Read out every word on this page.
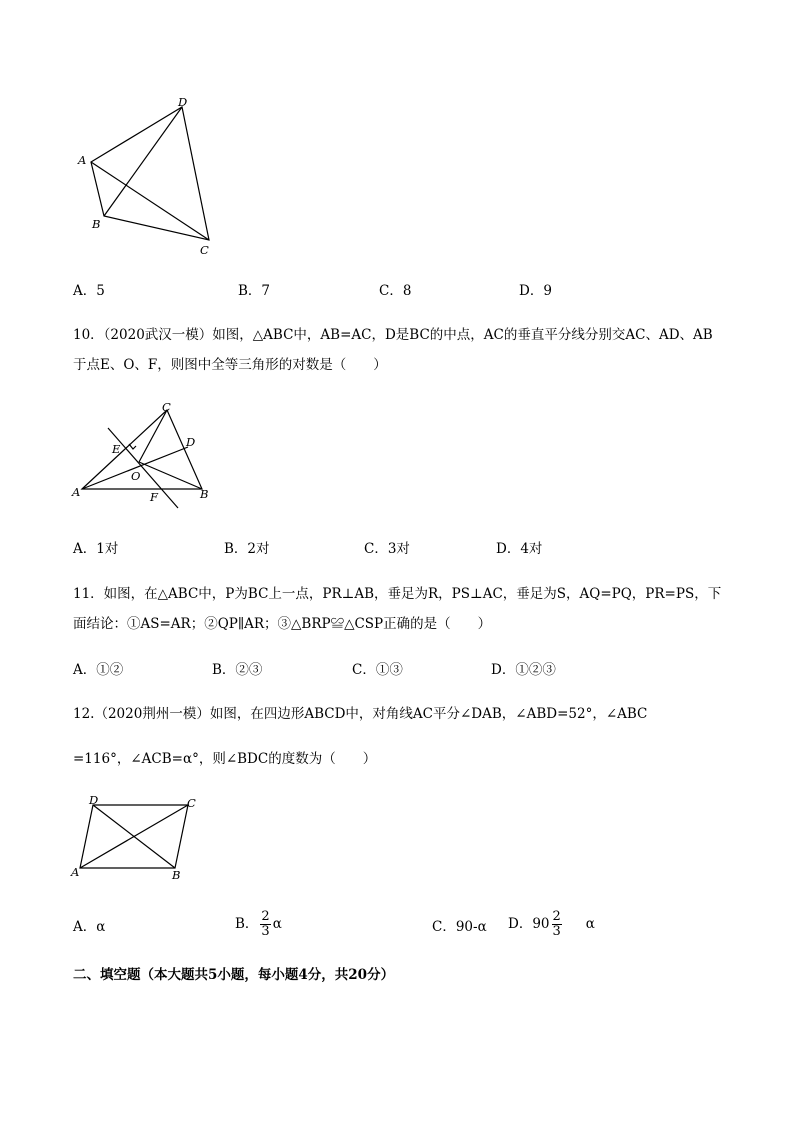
D
A
B
C
A．5	B．7	C．8	D．9
10．（2020武汉一模）如图，△ABC中，AB=AC，D是BC的中点，AC的垂直平分线分别交AC、AD、AB
于点E、O、F，则图中全等三角形的对数是（　　）
C
D
E
O
A	F	B
A．1对	B．2对	C．3对	D．4对
11．如图，在△ABC中，P为BC上一点，PR⊥AB，垂足为R，PS⊥AC，垂足为S，AQ=PQ，PR=PS，下
面结论：①AS=AR；②QP∥AR；③△BRP≌△CSP正确的是（　　）
A．①②	B．②③	C．①③	D．①②③
12.（2020荆州一模）如图，在四边形ABCD中，对角线AC平分∠DAB，∠ABD=52°，∠ABC
=116°，∠ACB=α°，则∠BDC的度数为（　　）
D	C
A	B
A．α	B． $\frac{2}{3}$ α	C．90-α D．$90 \frac{2}{3}$ α
二、填空题（本大题共5小题，每小题4分，共20分）
